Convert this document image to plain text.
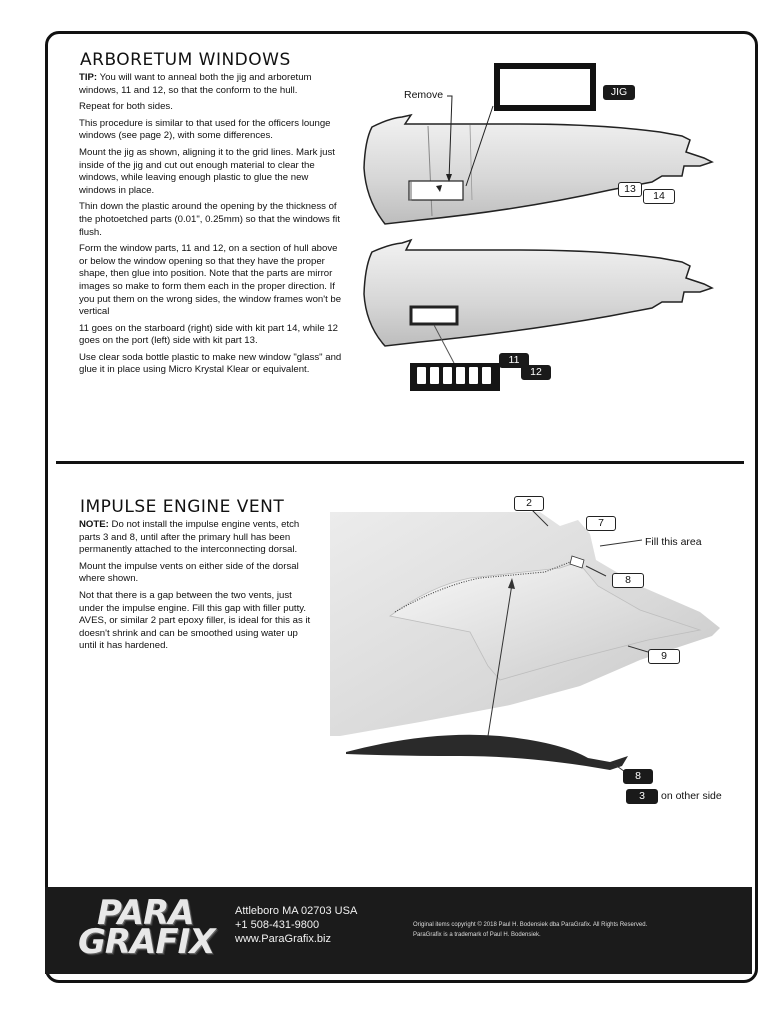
ARBORETUM WINDOWS

TIP: You will want to anneal both the jig and arboretum windows, 11 and 12, so that the conform to the hull.

Repeat for both sides.

This procedure is similar to that used for the officers lounge windows (see page 2), with some differences.

Mount the jig as shown, aligning it to the grid lines. Mark just inside of the jig and cut out enough material to clear the windows, while leaving enough plastic to glue the new windows in place.

Thin down the plastic around the opening by the thickness of the photoetched parts (0.01", 0.25mm) so that the windows fit flush.

Form the window parts, 11 and 12, on a section of hull above or below the window opening so that they have the proper shape, then glue into position. Note that the parts are mirror images so make to form them each in the proper direction. If you put them on the wrong sides, the window frames won't be vertical

11 goes on the starboard (right) side with kit part 14, while 12 goes on the port (left) side with kit part 13.

Use clear soda bottle plastic to make new window "glass" and glue it in place using Micro Krystal Klear or equivalent.

Remove	JIG
13
14
11
12
IMPULSE ENGINE VENT

NOTE: Do not install the impulse engine vents, etch parts 3 and 8, until after the primary hull has been permanently attached to the interconnecting dorsal.

Mount the impulse vents on either side of the dorsal where shown.

Not that there is a gap between the two vents, just under the impulse engine. Fill this gap with filler putty. AVES, or similar 2 part epoxy filler, is ideal for this as it doesn't shrink and can be smoothed using water up until it has hardened.

2
7
Fill this area
8
9
8
3	on other side
PARA
GRAFIX
Attleboro MA 02703 USA
+1 508-431-9800
www.ParaGrafix.biz
Original items copyright © 2018 Paul H. Bodensiek dba ParaGrafix. All Rights Reserved.
ParaGrafix is a trademark of Paul H. Bodensiek.
